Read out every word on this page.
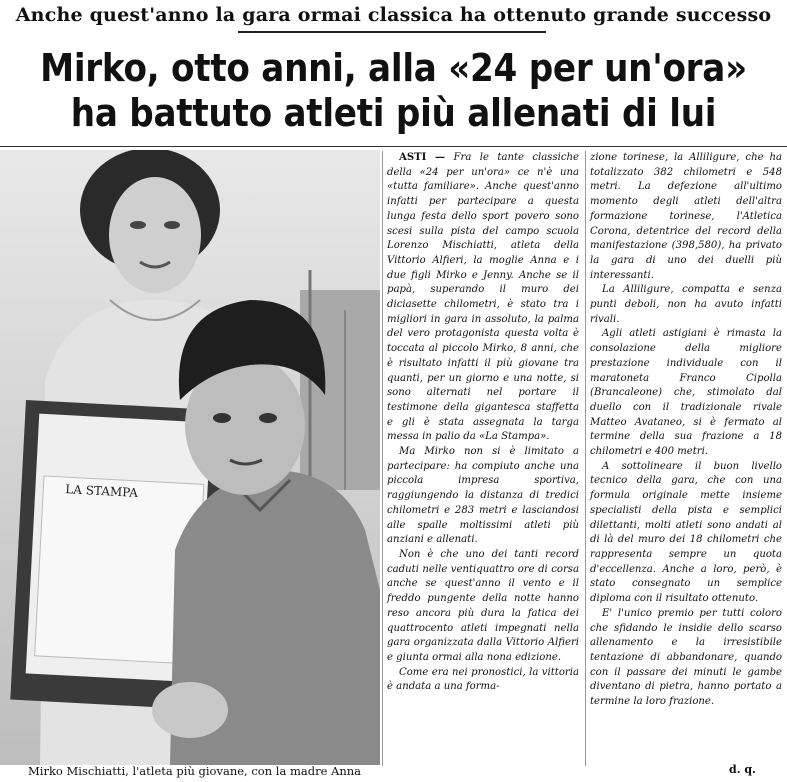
Anche quest'anno la gara ormai classica ha ottenuto grande successo
Mirko, otto anni, alla «24 per un'ora»
ha battuto atleti più allenati di lui
LA STAMPA
Mirko Mischiatti, l'atleta più giovane, con la madre Anna

ASTI — Fra le tante classiche della «24 per un'ora» ce n'è una «tutta familiare». Anche quest'anno infatti per partecipare a questa lunga festa dello sport povero sono scesi sulla pista del campo scuola Lorenzo Mischiatti, atleta della Vittorio Alfieri, la moglie Anna e i due figli Mirko e Jenny. Anche se il papà, superando il muro dei diciasette chilometri, è stato tra i migliori in gara in assoluto, la palma del vero protagonista questa volta è toccata al piccolo Mirko, 8 anni, che è risultato infatti il più giovane tra quanti, per un giorno e una notte, si sono alternati nel portare il testimone della gigantesca staffetta e gli è stata assegnata la targa messa in palio da «La Stampa».

Ma Mirko non si è limitato a partecipare: ha compiuto anche una piccola impresa sportiva, raggiungendo la distanza di tredici chilometri e 283 metri e lasciandosi alle spalle moltissimi atleti più anziani e allenati.

Non è che uno dei tanti record caduti nelle ventiquattro ore di corsa anche se quest'anno il vento e il freddo pungente della notte hanno reso ancora più dura la fatica dei quattrocento atleti impegnati nella gara organizzata dalla Vittorio Alfieri e giunta ormai alla nona edizione.

Come era nei pronostici, la vittoria è andata a una forma-

zione torinese, la Alliligure, che ha totalizzato 382 chilometri e 548 metri. La defezione all'ultimo momento degli atleti dell'altra formazione torinese, l'Atletica Corona, detentrice del record della manifestazione (398,580), ha privato la gara di uno dei duelli più interessanti.

La Alliligure, compatta e senza punti deboli, non ha avuto infatti rivali.

Agli atleti astigiani è rimasta la consolazione della migliore prestazione individuale con il maratoneta Franco Cipolla (Brancaleone) che, stimolato dal duello con il tradizionale rivale Matteo Avataneo, si è fermato al termine della sua frazione a 18 chilometri e 400 metri.

A sottolineare il buon livello tecnico della gara, che con una formula originale mette insieme specialisti della pista e semplici dilettanti, molti atleti sono andati al di là del muro dei 18 chilometri che rappresenta sempre un quota d'eccellenza. Anche a loro, però, è stato consegnato un semplice diploma con il risultato ottenuto.

E' l'unico premio per tutti coloro che sfidando le insidie dello scarso allenamento e la irresistibile tentazione di abbandonare, quando con il passare dei minuti le gambe diventano di pietra, hanno portato a termine la loro frazione.

d. q.
